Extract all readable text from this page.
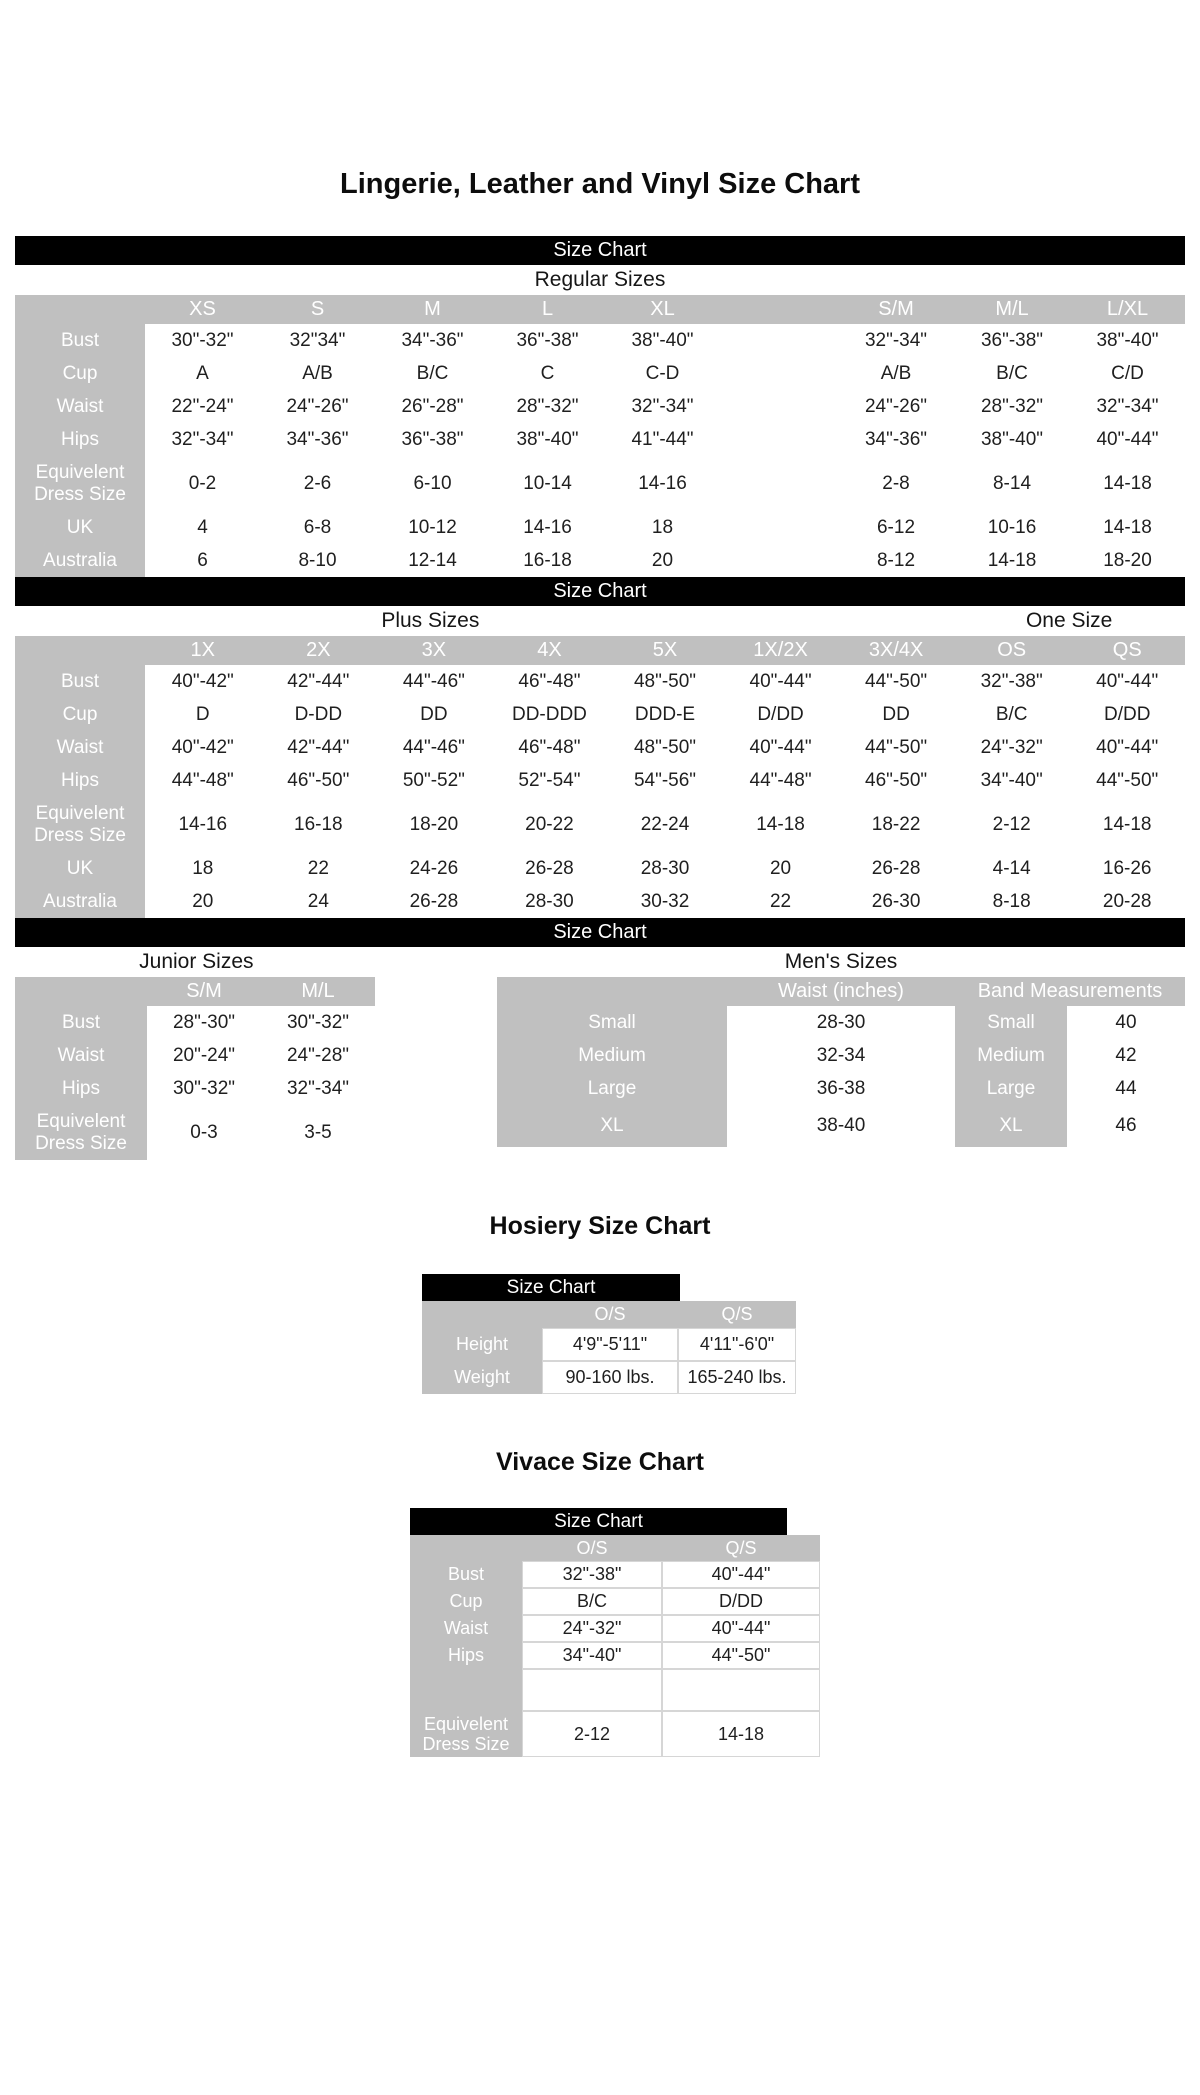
Lingerie, Leather and Vinyl Size Chart
Size Chart
Regular Sizes
XS	S	M	L	XL	S/M	M/L	L/XL
Bust	30"-32"	32"34"	34"-36"	36"-38"	38"-40"	32"-34"	36"-38"	38"-40"
Cup	A	A/B	B/C	C	C-D	A/B	B/C	C/D
Waist	22"-24"	24"-26"	26"-28"	28"-32"	32"-34"	24"-26"	28"-32"	32"-34"
Hips	32"-34"	34"-36"	36"-38"	38"-40"	41"-44"	34"-36"	38"-40"	40"-44"
Equivelent Dress Size
0-2	2-6	6-10	10-14	14-16	2-8	8-14	14-18
UK	4	6-8	10-12	14-16	18	6-12	10-16	14-18
Australia	6	8-10	12-14	16-18	20	8-12	14-18	18-20
Size Chart
Plus Sizes	One Size
1X	2X	3X	4X	5X	1X/2X	3X/4X	OS	QS
Bust	40"-42"	42"-44"	44"-46"	46"-48"	48"-50"	40"-44"	44"-50"	32"-38"	40"-44"
Cup	D	D-DD	DD	DD-DDD	DDD-E	D/DD	DD	B/C	D/DD
Waist	40"-42"	42"-44"	44"-46"	46"-48"	48"-50"	40"-44"	44"-50"	24"-32"	40"-44"
Hips	44"-48"	46"-50"	50"-52"	52"-54"	54"-56"	44"-48"	46"-50"	34"-40"	44"-50"
Equivelent Dress Size
14-16	16-18	18-20	20-22	22-24	14-18	18-22	2-12	14-18
UK	18	22	24-26	26-28	28-30	20	26-28	4-14	16-26
Australia	20	24	26-28	28-30	30-32	22	26-30	8-18	20-28
Size Chart
Junior Sizes	Men's Sizes
S/M	M/L
Bust	28"-30"	30"-32"
Waist	20"-24"	24"-28"
Hips	30"-32"	32"-34"
Equivelent Dress Size
0-3	3-5
Waist (inches)	Band Measurements
Small	28-30	Small	40
Medium	32-34	Medium	42
Large	36-38	Large	44
XL	38-40	XL	46
Hosiery Size Chart
Size Chart
O/S	Q/S
Height	4'9"-5'11"	4'11"-6'0"
Weight	90-160 lbs.	165-240 lbs.
Vivace Size Chart
Size Chart
O/S	Q/S
Bust	32"-38"	40"-44"
Cup	B/C	D/DD
Waist	24"-32"	40"-44"
Hips	34"-40"	44"-50"
Equivelent Dress Size
2-12	14-18
